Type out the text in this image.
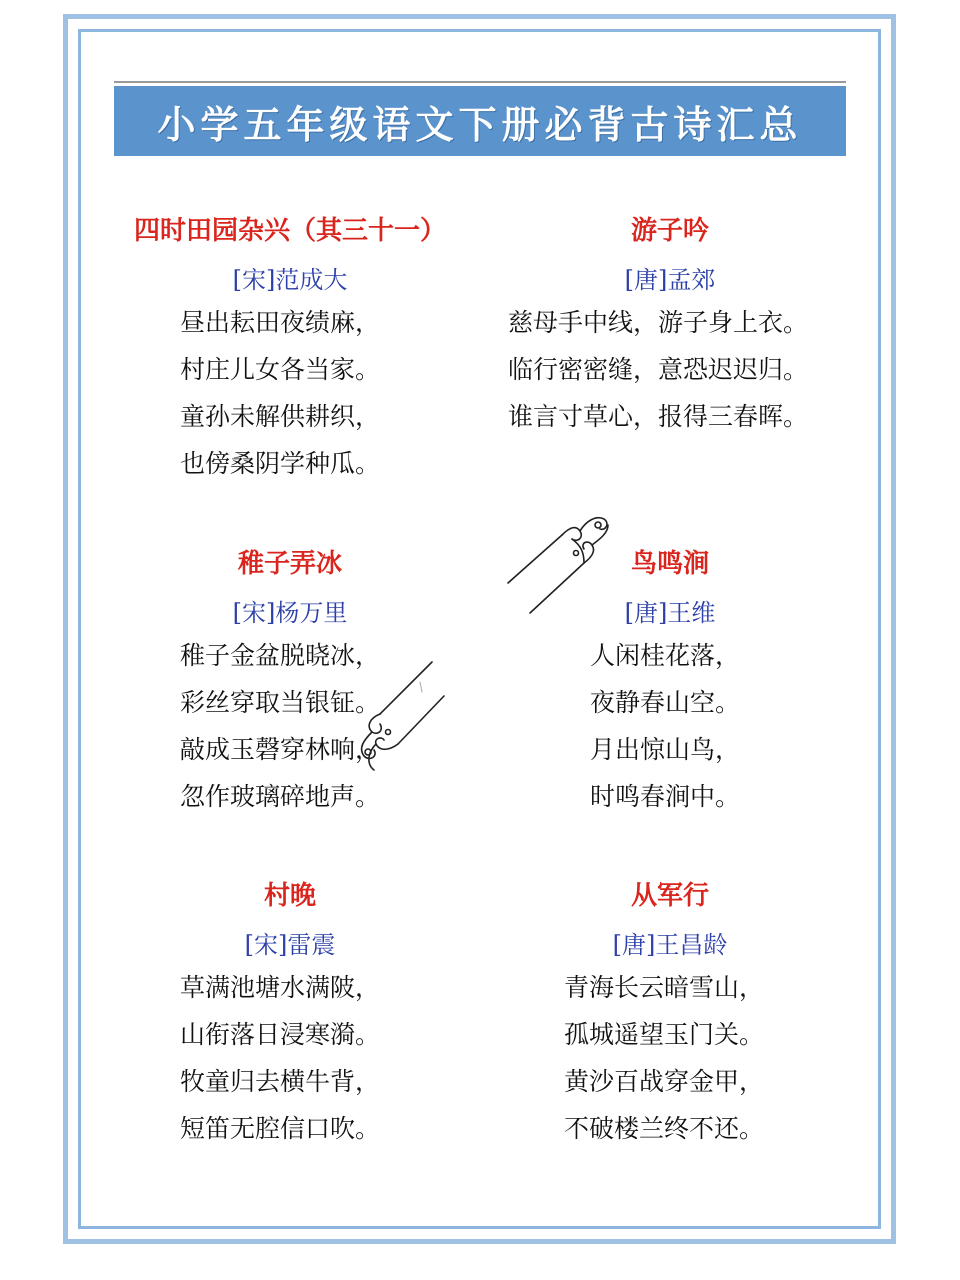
小学五年级语文下册必背古诗汇总
四时田园杂兴（其三十一）
[宋]范成大
昼出耘田夜绩麻，
村庄儿女各当家。
童孙未解供耕织，
也傍桑阴学种瓜。
游子吟
[唐]孟郊
慈母手中线，游子身上衣。
临行密密缝，意恐迟迟归。
谁言寸草心，报得三春晖。
稚子弄冰
[宋]杨万里
稚子金盆脱晓冰，
彩丝穿取当银钲。
敲成玉磬穿林响，
忽作玻璃碎地声。
鸟鸣涧
[唐]王维
人闲桂花落，
夜静春山空。
月出惊山鸟，
时鸣春涧中。
村晚
[宋]雷震
草满池塘水满陂，
山衔落日浸寒漪。
牧童归去横牛背，
短笛无腔信口吹。
从军行
[唐]王昌龄
青海长云暗雪山，
孤城遥望玉门关。
黄沙百战穿金甲，
不破楼兰终不还。
